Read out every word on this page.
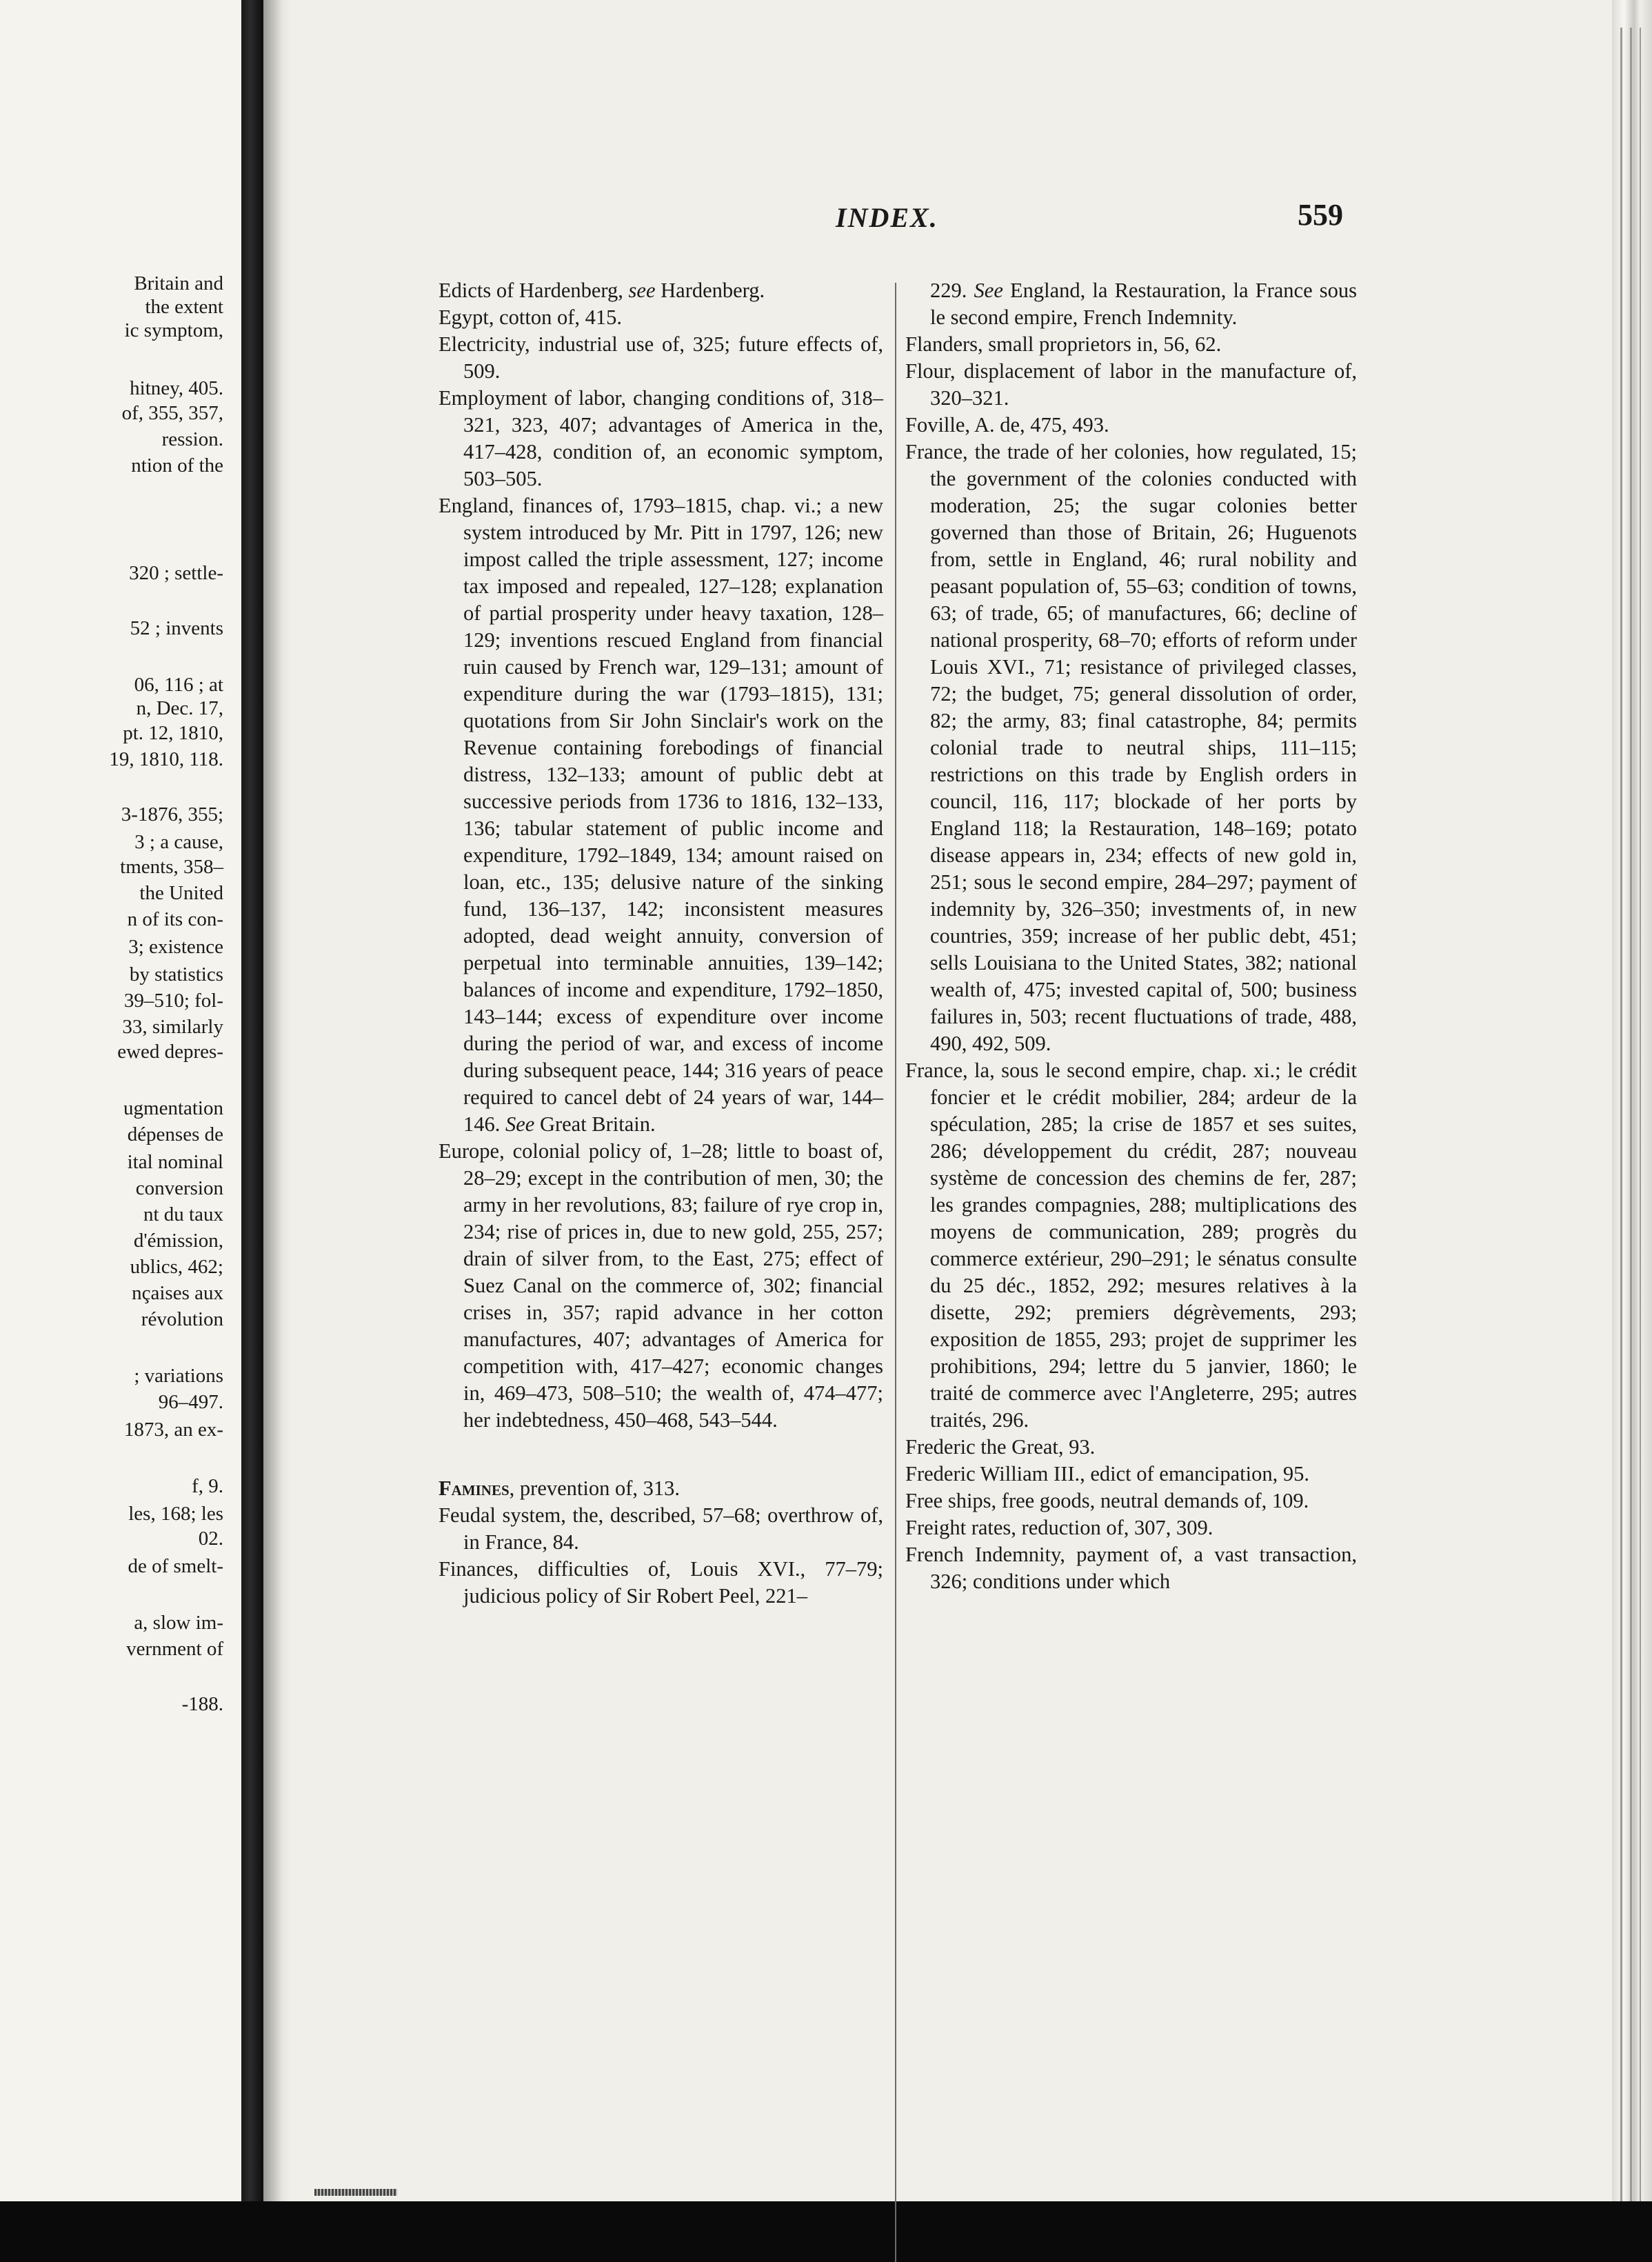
Britain and
the extent
ic symptom,
hitney, 405.
of, 355, 357,
ression.
ntion of the
320 ; settle-
52 ; invents
06, 116 ; at
n, Dec. 17,
pt. 12, 1810,
19, 1810, 118.
3-1876, 355;
3 ; a cause,
tments, 358–
the United
n of its con-
3; existence
by statistics
39–510; fol-
33, similarly
ewed depres-
ugmentation
dépenses de
ital nominal
conversion
nt du taux
d'émission,
ublics, 462;
nçaises aux
révolution
; variations
96–497.
1873, an ex-
f, 9.
les, 168; les
02.
de of smelt-
a, slow im-
vernment of
-188.
INDEX.	559

Edicts of Hardenberg, see Hardenberg.

Egypt, cotton of, 415.

Electricity, industrial use of, 325; future effects of, 509.

Employment of labor, changing conditions of, 318–321, 323, 407; advantages of America in the, 417–428, condition of, an economic symptom, 503–505.

England, finances of, 1793–1815, chap. vi.; a new system introduced by Mr. Pitt in 1797, 126; new impost called the triple assessment, 127; income tax imposed and repealed, 127–128; explanation of partial prosperity under heavy taxation, 128–129; inventions rescued England from financial ruin caused by French war, 129–131; amount of expenditure during the war (1793–1815), 131; quotations from Sir John Sinclair's work on the Revenue containing forebodings of financial distress, 132–133; amount of public debt at successive periods from 1736 to 1816, 132–133, 136; tabular statement of public income and expenditure, 1792–1849, 134; amount raised on loan, etc., 135; delusive nature of the sinking fund, 136–137, 142; inconsistent measures adopted, dead weight annuity, conversion of perpetual into terminable annuities, 139–142; balances of income and expenditure, 1792–1850, 143–144; excess of expenditure over income during the period of war, and excess of income during subsequent peace, 144; 316 years of peace required to cancel debt of 24 years of war, 144–146. See Great Britain.

Europe, colonial policy of, 1–28; little to boast of, 28–29; except in the contribution of men, 30; the army in her revolutions, 83; failure of rye crop in, 234; rise of prices in, due to new gold, 255, 257; drain of silver from, to the East, 275; effect of Suez Canal on the commerce of, 302; financial crises in, 357; rapid advance in her cotton manufactures, 407; advantages of America for competition with, 417–427; economic changes in, 469–473, 508–510; the wealth of, 474–477; her indebtedness, 450–468, 543–544.

Famines, prevention of, 313.

Feudal system, the, described, 57–68; overthrow of, in France, 84.

Finances, difficulties of, Louis XVI., 77–79; judicious policy of Sir Robert Peel, 221–

229. See England, la Restauration, la France sous le second empire, French Indemnity.

Flanders, small proprietors in, 56, 62.

Flour, displacement of labor in the manufacture of, 320–321.

Foville, A. de, 475, 493.

France, the trade of her colonies, how regulated, 15; the government of the colonies conducted with moderation, 25; the sugar colonies better governed than those of Britain, 26; Huguenots from, settle in England, 46; rural nobility and peasant population of, 55–63; condition of towns, 63; of trade, 65; of manufactures, 66; decline of national prosperity, 68–70; efforts of reform under Louis XVI., 71; resistance of privileged classes, 72; the budget, 75; general dissolution of order, 82; the army, 83; final catastrophe, 84; permits colonial trade to neutral ships, 111–115; restrictions on this trade by English orders in council, 116, 117; blockade of her ports by England 118; la Restauration, 148–169; potato disease appears in, 234; effects of new gold in, 251; sous le second empire, 284–297; payment of indemnity by, 326–350; investments of, in new countries, 359; increase of her public debt, 451; sells Louisiana to the United States, 382; national wealth of, 475; invested capital of, 500; business failures in, 503; recent fluctuations of trade, 488, 490, 492, 509.

France, la, sous le second empire, chap. xi.; le crédit foncier et le crédit mobilier, 284; ardeur de la spéculation, 285; la crise de 1857 et ses suites, 286; développement du crédit, 287; nouveau système de concession des chemins de fer, 287; les grandes compagnies, 288; multiplications des moyens de communication, 289; progrès du commerce extérieur, 290–291; le sénatus consulte du 25 déc., 1852, 292; mesures relatives à la disette, 292; premiers dégrèvements, 293; exposition de 1855, 293; projet de supprimer les prohibitions, 294; lettre du 5 janvier, 1860; le traité de commerce avec l'Angleterre, 295; autres traités, 296.

Frederic the Great, 93.

Frederic William III., edict of emancipation, 95.

Free ships, free goods, neutral demands of, 109.

Freight rates, reduction of, 307, 309.

French Indemnity, payment of, a vast transaction, 326; conditions under which
